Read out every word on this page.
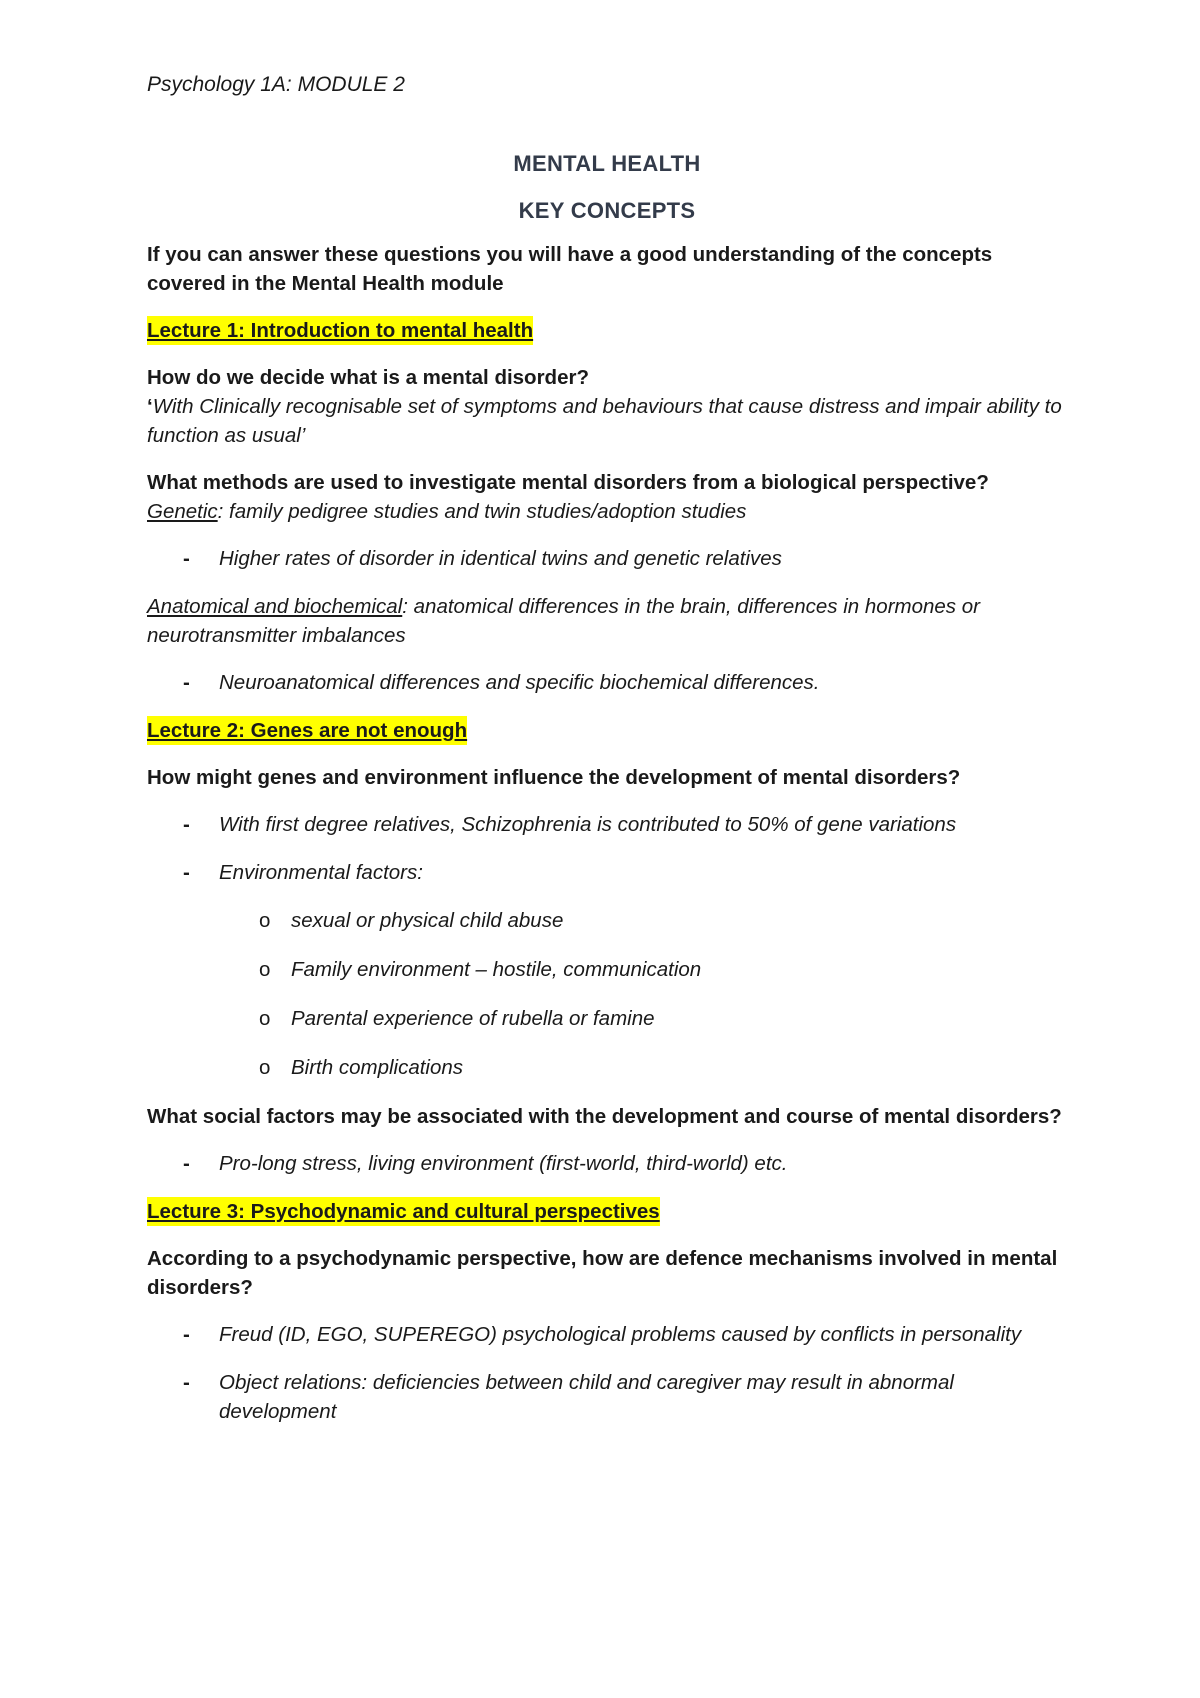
Psychology 1A: MODULE 2

MENTAL HEALTH

KEY CONCEPTS

If you can answer these questions you will have a good understanding of the concepts covered in the Mental Health module

Lecture 1: Introduction to mental health

How do we decide what is a mental disorder?

‘With Clinically recognisable set of symptoms and behaviours that cause distress and impair ability to function as usual’

What methods are used to investigate mental disorders from a biological perspective?

Genetic: family pedigree studies and twin studies/adoption studies

- Higher rates of disorder in identical twins and genetic relatives

Anatomical and biochemical: anatomical differences in the brain, differences in hormones or neurotransmitter imbalances

- Neuroanatomical differences and specific biochemical differences.
Lecture 2: Genes are not enough

How might genes and environment influence the development of mental disorders?

- With first degree relatives, Schizophrenia is contributed to 50% of gene variations
- Environmental factors:
o sexual or physical child abuse
o Family environment – hostile, communication
o Parental experience of rubella or famine
o Birth complications

What social factors may be associated with the development and course of mental disorders?

- Pro-long stress, living environment (first-world, third-world) etc.
Lecture 3: Psychodynamic and cultural perspectives

According to a psychodynamic perspective, how are defence mechanisms involved in mental disorders?

- Freud (ID, EGO, SUPEREGO) psychological problems caused by conflicts in personality
- Object relations: deficiencies between child and caregiver may result in abnormal development
